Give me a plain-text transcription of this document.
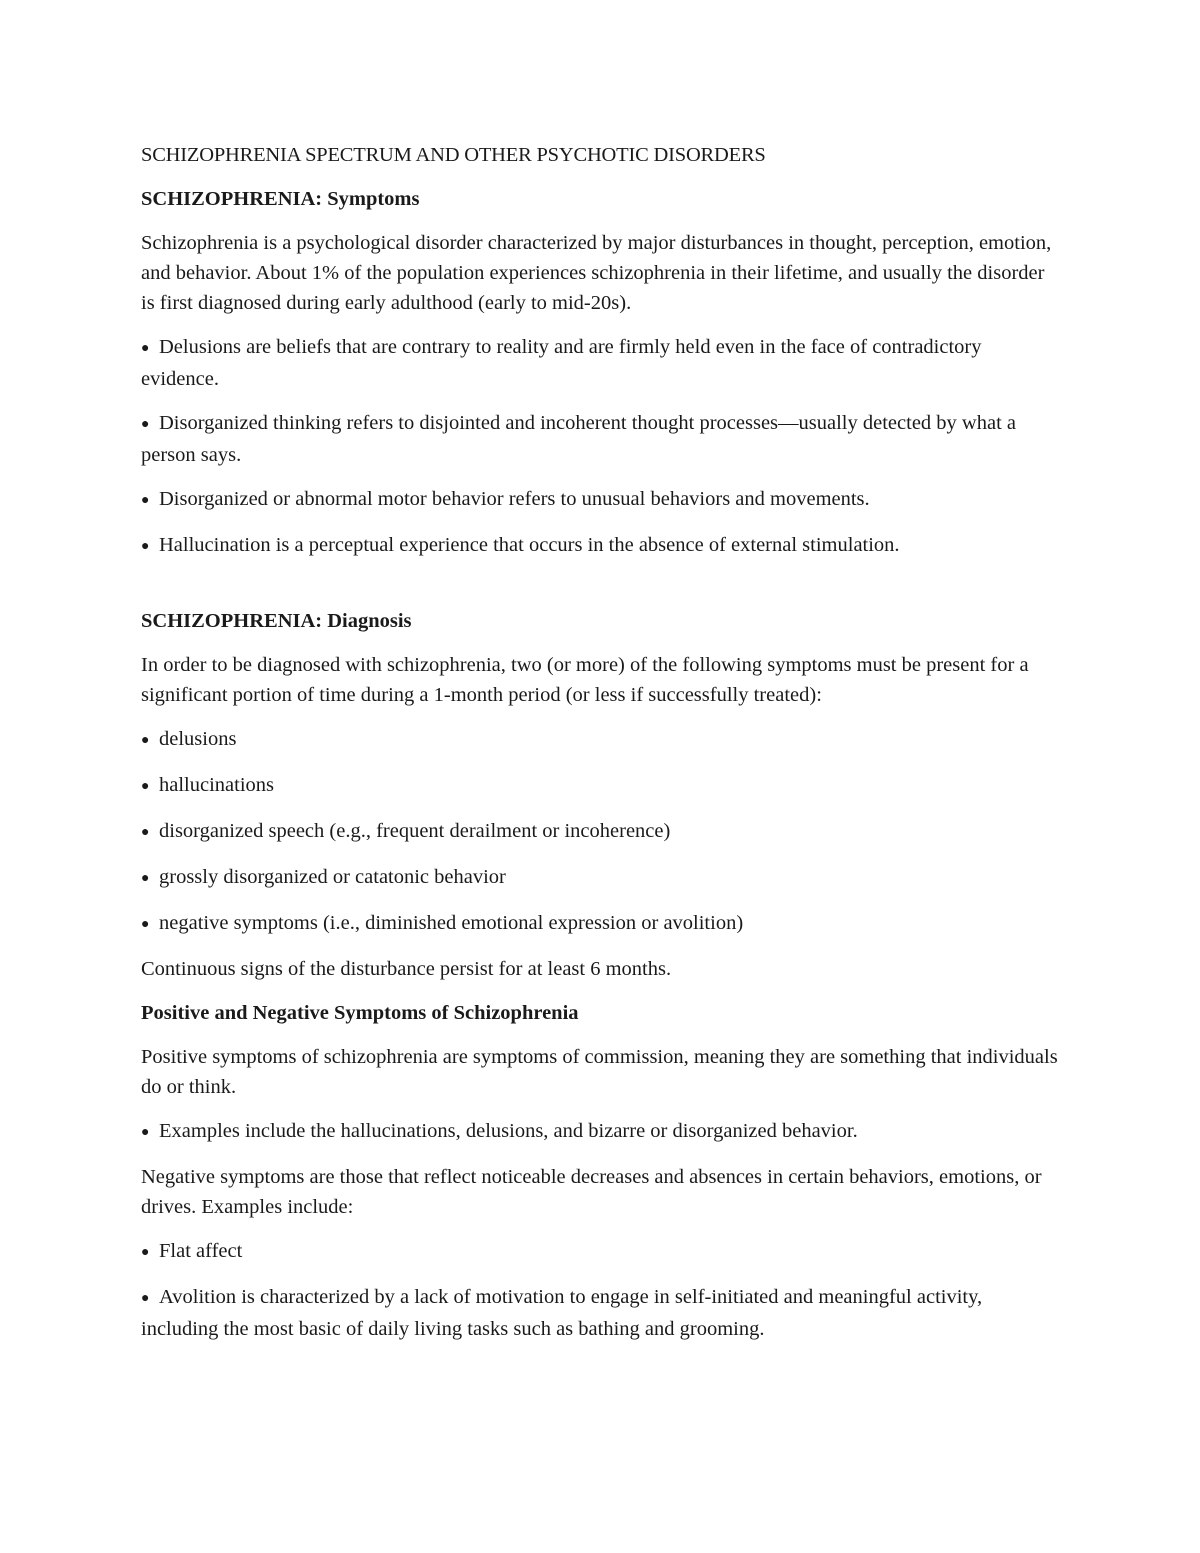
SCHIZOPHRENIA SPECTRUM AND OTHER PSYCHOTIC DISORDERS

SCHIZOPHRENIA: Symptoms

Schizophrenia is a psychological disorder characterized by major disturbances in thought, perception, emotion, and behavior. About 1% of the population experiences schizophrenia in their lifetime, and usually the disorder is first diagnosed during early adulthood (early to mid-20s).

● Delusions are beliefs that are contrary to reality and are firmly held even in the face of contradictory evidence.

● Disorganized thinking refers to disjointed and incoherent thought processes—usually detected by what a person says.

● Disorganized or abnormal motor behavior refers to unusual behaviors and movements.

● Hallucination is a perceptual experience that occurs in the absence of external stimulation.

SCHIZOPHRENIA: Diagnosis

In order to be diagnosed with schizophrenia, two (or more) of the following symptoms must be present for a significant portion of time during a 1-month period (or less if successfully treated):

● delusions

● hallucinations

● disorganized speech (e.g., frequent derailment or incoherence)

● grossly disorganized or catatonic behavior

● negative symptoms (i.e., diminished emotional expression or avolition)

Continuous signs of the disturbance persist for at least 6 months.

Positive and Negative Symptoms of Schizophrenia

Positive symptoms of schizophrenia are symptoms of commission, meaning they are something that individuals do or think.

● Examples include the hallucinations, delusions, and bizarre or disorganized behavior.

Negative symptoms are those that reflect noticeable decreases and absences in certain behaviors, emotions, or drives. Examples include:

● Flat affect

● Avolition is characterized by a lack of motivation to engage in self-initiated and meaningful activity, including the most basic of daily living tasks such as bathing and grooming.
